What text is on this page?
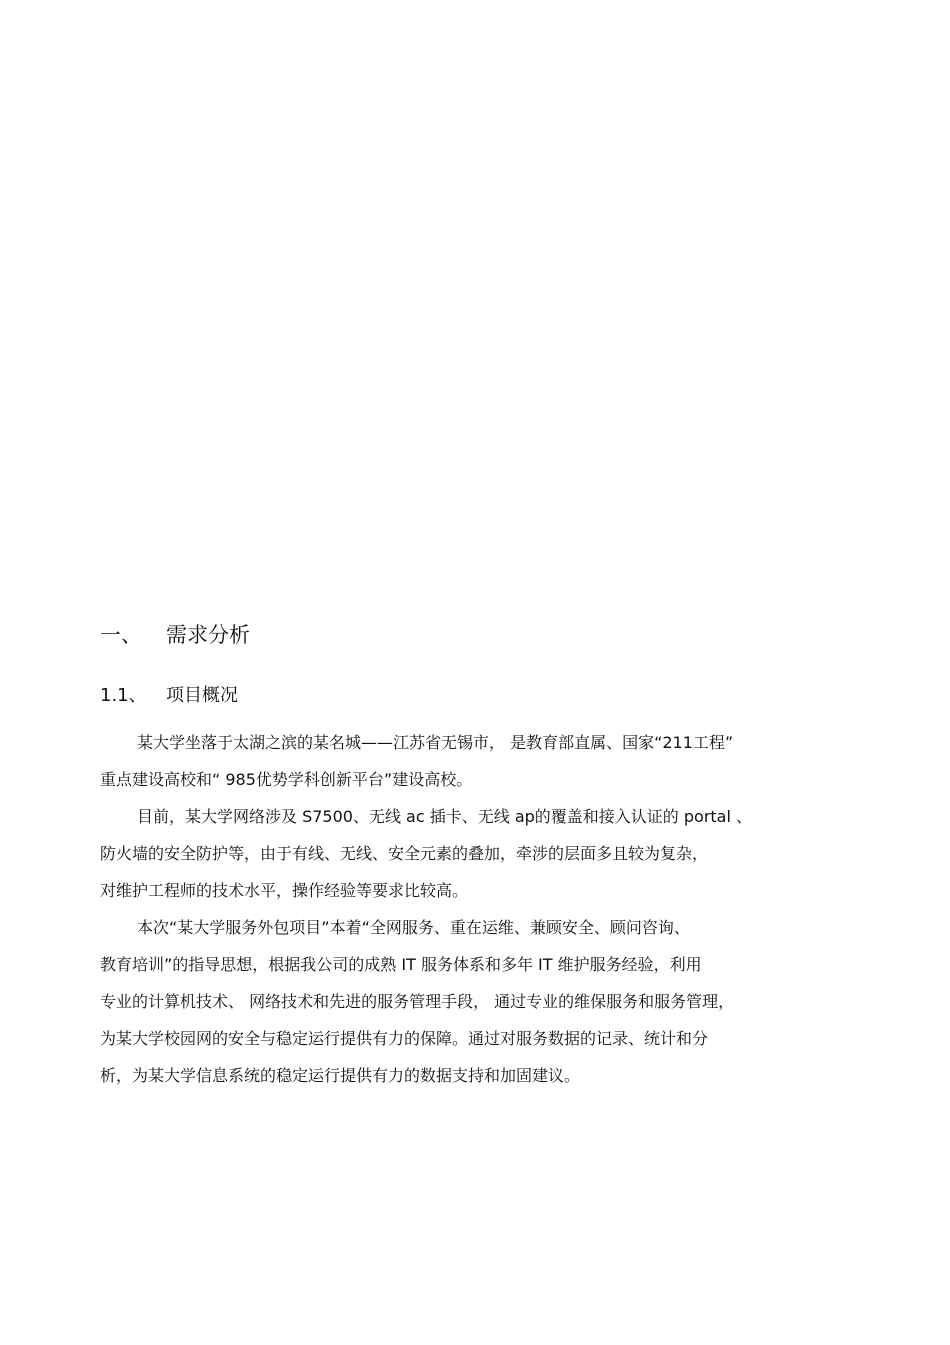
一、 需求分析
1.1、 项目概况
某大学坐落于太湖之滨的某名城——江苏省无锡市， 是教育部直属、国家“211工程”
重点建设高校和“ 985优势学科创新平台”建设高校。
目前，某大学网络涉及 S7500、无线 ac 插卡、无线 ap的覆盖和接入认证的 portal 、
防火墙的安全防护等，由于有线、无线、安全元素的叠加，牵涉的层面多且较为复杂，
对维护工程师的技术水平，操作经验等要求比较高。
本次“某大学服务外包项目”本着“全网服务、重在运维、兼顾安全、顾问咨询、
教育培训”的指导思想，根据我公司的成熟 IT 服务体系和多年 IT 维护服务经验，利用
专业的计算机技术、 网络技术和先进的服务管理手段， 通过专业的维保服务和服务管理，
为某大学校园网的安全与稳定运行提供有力的保障。通过对服务数据的记录、统计和分
析，为某大学信息系统的稳定运行提供有力的数据支持和加固建议。
